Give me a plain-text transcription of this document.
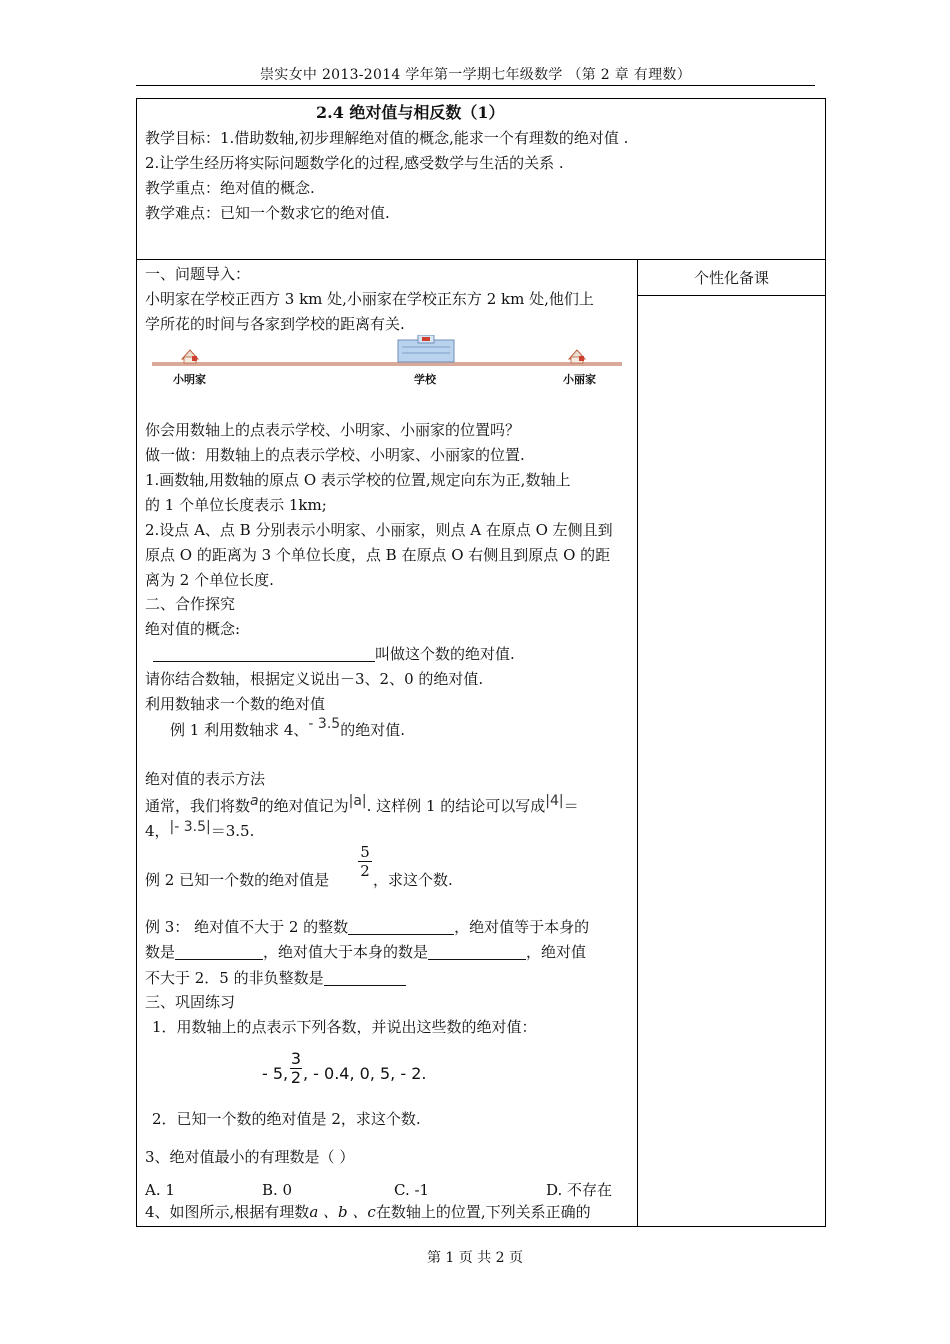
崇实女中 2013-2014 学年第一学期七年级数学 （第 2 章 有理数）
2.4 绝对值与相反数（1）
教学目标：1.借助数轴,初步理解绝对值的概念,能求一个有理数的绝对值 .
2.让学生经历将实际问题数学化的过程,感受数学与生活的关系 .
教学重点：绝对值的概念.
教学难点：已知一个数求它的绝对值.
个性化备课
一、问题导入：
小明家在学校正西方 3 km 处,小丽家在学校正东方 2 km 处,他们上
学所花的时间与各家到学校的距离有关.
小明家	学校	小丽家
你会用数轴上的点表示学校、小明家、小丽家的位置吗？
做一做：用数轴上的点表示学校、小明家、小丽家的位置.
1.画数轴,用数轴的原点 O 表示学校的位置,规定向东为正,数轴上
的 1 个单位长度表示 1km;
2.设点 A、点 B 分别表示小明家、小丽家，则点 A 在原点 O 左侧且到
原点 O 的距离为 3 个单位长度，点 B 在原点 O 右侧且到原点 O 的距
离为 2 个单位长度.
二、合作探究
绝对值的概念:
叫做这个数的绝对值.
请你结合数轴，根据定义说出－3、2、0 的绝对值.
利用数轴求一个数的绝对值
例 1 利用数轴求 4、- 3.5的绝对值.
绝对值的表示方法
通常，我们将数a的绝对值记为|a|. 这样例 1 的结论可以写成|4|＝
4，|- 3.5|＝3.5.
例 2 已知一个数的绝对值是
5
2 ，求这个数.
例 3： 绝对值不大于 2 的整数	，绝对值等于本身的
数是	，绝对值大于本身的数是	，绝对值
不大于 2．5 的非负整数是
三、巩固练习
1．用数轴上的点表示下列各数，并说出这些数的绝对值：
- 5,
3
2 , - 0.4, 0, 5, - 2.
2．已知一个数的绝对值是 2，求这个数.
3、绝对值最小的有理数是（ ）
A. 1	B. 0	C. -1	D. 不存在
4、如图所示,根据有理数a 、b 、c在数轴上的位置,下列关系正确的
第 1 页 共 2 页
